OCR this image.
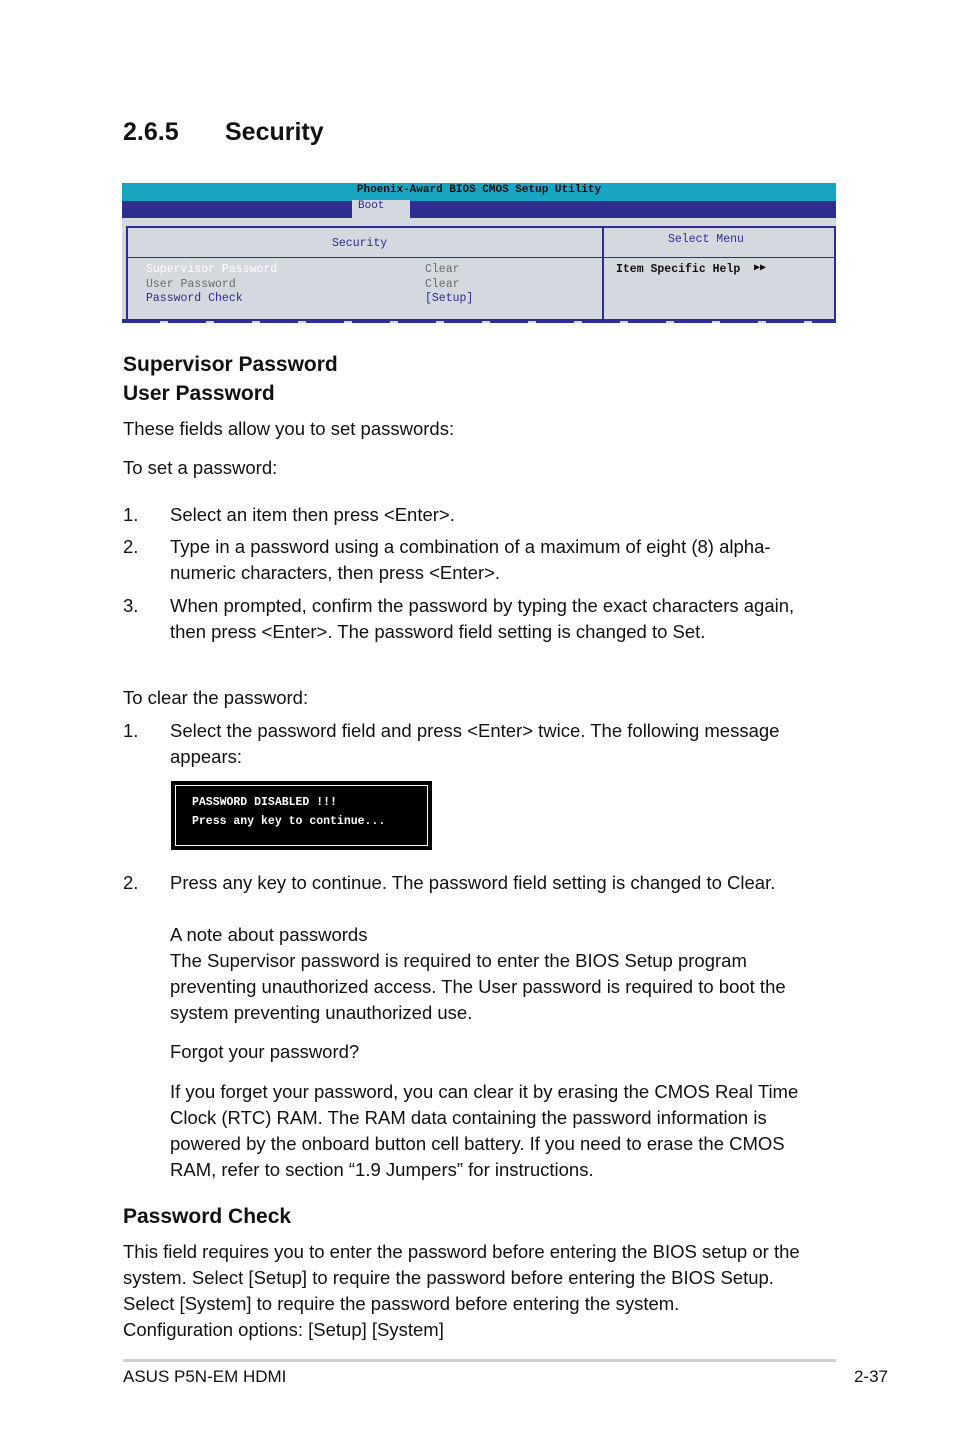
2.6.5 Security
Phoenix-Award BIOS CMOS Setup Utility
Boot
Security
Supervisor Password	Clear
User Password	Clear
Password Check	[Setup]
Select Menu
Item Specific Help ▶▶
Supervisor Password
User Password
These fields allow you to set passwords:
To set a password:
1. Select an item then press <Enter>.
2. Type in a password using a combination of a maximum of eight (8) alpha-
numeric characters, then press <Enter>.
3. When prompted, confirm the password by typing the exact characters again,
then press <Enter>. The password field setting is changed to Set.
To clear the password:
1. Select the password field and press <Enter> twice. The following message
appears:
PASSWORD DISABLED !!!
Press any key to continue...
2. Press any key to continue. The password field setting is changed to Clear.
A note about passwords
The Supervisor password is required to enter the BIOS Setup program
preventing unauthorized access. The User password is required to boot the
system preventing unauthorized use.
Forgot your password?
If you forget your password, you can clear it by erasing the CMOS Real Time
Clock (RTC) RAM. The RAM data containing the password information is
powered by the onboard button cell battery. If you need to erase the CMOS
RAM, refer to section “1.9 Jumpers” for instructions.
Password Check
This field requires you to enter the password before entering the BIOS setup or the
system. Select [Setup] to require the password before entering the BIOS Setup.
Select [System] to require the password before entering the system.
Configuration options: [Setup] [System]
ASUS P5N-EM HDMI	2-37
